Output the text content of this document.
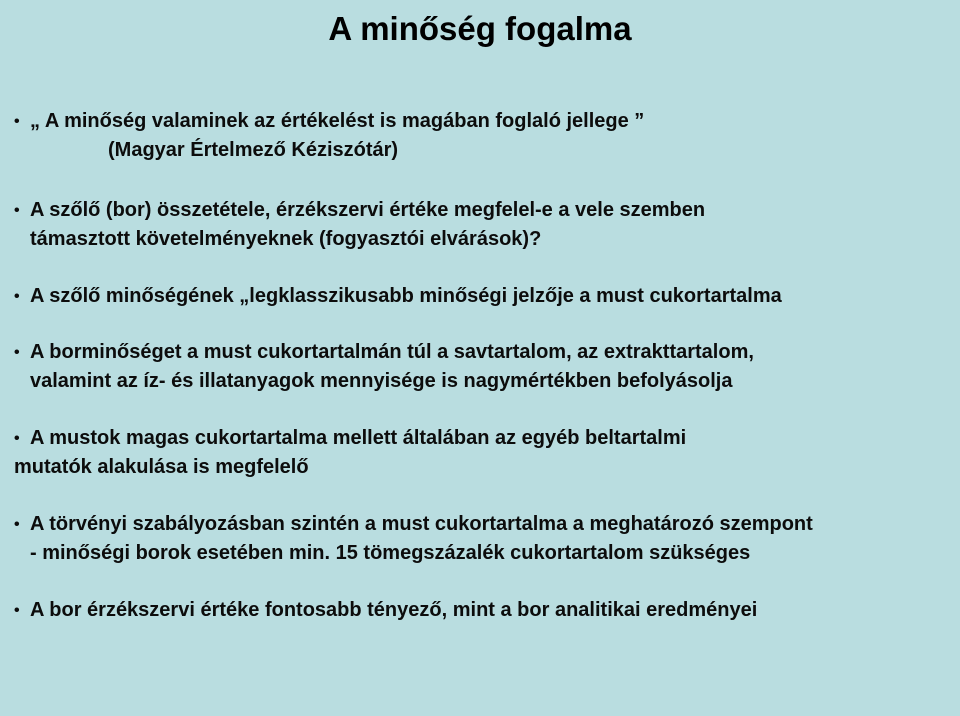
A minőség fogalma
• „ A minőség valaminek az értékelést is magában foglaló jellege ”
(Magyar Értelmező Kéziszótár)
• A szőlő (bor) összetétele, érzékszervi értéke megfelel-e a vele szemben
támasztott követelményeknek (fogyasztói elvárások)?
• A szőlő minőségének „legklasszikusabb minőségi jelzője a must cukortartalma
• A borminőséget a must cukortartalmán túl a savtartalom, az extrakttartalom,
valamint az íz- és illatanyagok mennyisége is nagymértékben befolyásolja
• A mustok magas cukortartalma mellett általában az egyéb beltartalmi
mutatók alakulása is megfelelő
• A törvényi szabályozásban szintén a must cukortartalma a meghatározó szempont
- minőségi borok esetében min. 15 tömegszázalék cukortartalom szükséges
• A bor érzékszervi értéke fontosabb tényező, mint a bor analitikai eredményei
